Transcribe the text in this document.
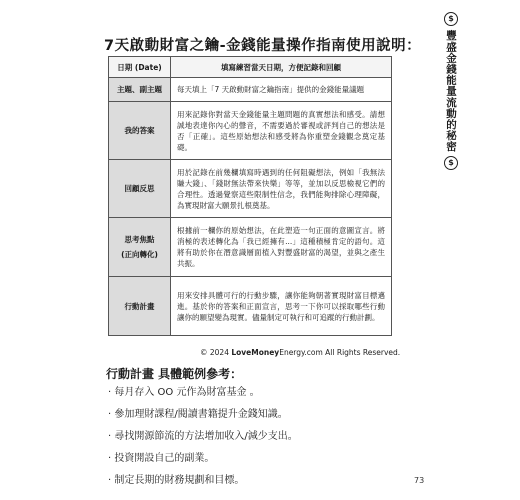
7天啟動財富之鑰-金錢能量操作指南使用說明：
$
豐盛金錢能量流動的秘密
$
日期 (Date)	填寫練習當天日期，方便記錄和回顧
主題、副主題	每天填上「7 天啟動財富之鑰指南」提供的金錢能量議題
我的答案	用來記錄你對當天金錢能量主題問題的真實想法和感受。請想誠地表達你內心的聲音，不需要過於審視或評判自己的想法是否「正確」。這些原始想法和感受將為你重塑金錢觀念奠定基礎。
回顧反思	用於記錄在前幾欄填寫時遇到的任何阻礙想法，例如「我無法賺大錢」、「錢財無法帶來快樂」等等，並加以反思檢視它們的合理性。透過覺察這些限制性信念，我們能夠排除心理障礙，為實現財富大願景扎根奠基。

思考焦點
(正向轉化)	根據前一欄你的原始想法，在此塑造一句正面的意圖宣言。將消極的表述轉化為「我已經擁有...」這種積極肯定的語句。這將有助於你在潛意識層面植入對豐盛財富的渴望，並與之產生共振。
行動計畫	用來安排具體可行的行動步驟，讓你能夠朝著實現財富目標邁進。基於你的答案和正面宣言，思考一下你可以採取哪些行動讓你的願望變為現實。儘量制定可執行和可追蹤的行動計劃。
© 2024 LoveMoneyEnergy.com All Rights Reserved.
行動計畫 具體範例參考：
· 每月存入 OO 元作為財富基金 。
· 參加理財課程/閱讀書籍提升金錢知識。
· 尋找開源節流的方法增加收入/減少支出。
· 投資開設自己的副業。
· 制定長期的財務規劃和目標。	73
